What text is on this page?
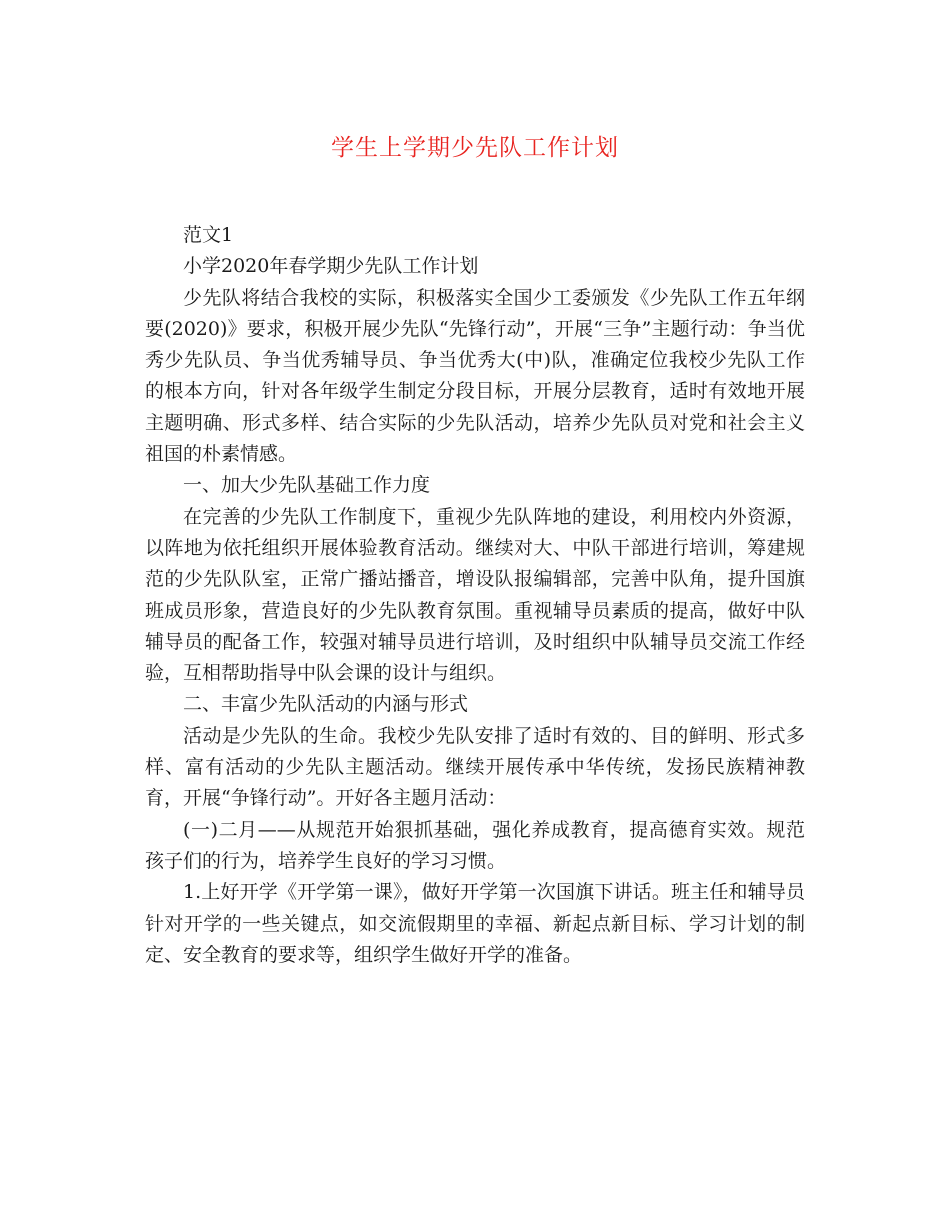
学生上学期少先队工作计划

范文1

小学2020年春学期少先队工作计划

少先队将结合我校的实际，积极落实全国少工委颁发《少先队工作五年纲要(2020)》要求，积极开展少先队“先锋行动”，开展“三争”主题行动：争当优秀少先队员、争当优秀辅导员、争当优秀大(中)队，准确定位我校少先队工作的根本方向，针对各年级学生制定分段目标，开展分层教育，适时有效地开展主题明确、形式多样、结合实际的少先队活动，培养少先队员对党和社会主义祖国的朴素情感。

一、加大少先队基础工作力度

在完善的少先队工作制度下，重视少先队阵地的建设，利用校内外资源，以阵地为依托组织开展体验教育活动。继续对大、中队干部进行培训，筹建规范的少先队队室，正常广播站播音，增设队报编辑部，完善中队角，提升国旗班成员形象，营造良好的少先队教育氛围。重视辅导员素质的提高，做好中队辅导员的配备工作，较强对辅导员进行培训，及时组织中队辅导员交流工作经验，互相帮助指导中队会课的设计与组织。

二、丰富少先队活动的内涵与形式

活动是少先队的生命。我校少先队安排了适时有效的、目的鲜明、形式多样、富有活动的少先队主题活动。继续开展传承中华传统，发扬民族精神教育，开展“争锋行动”。开好各主题月活动：

(一)二月——从规范开始狠抓基础，强化养成教育，提高德育实效。规范孩子们的行为，培养学生良好的学习习惯。

1.上好开学《开学第一课》，做好开学第一次国旗下讲话。班主任和辅导员针对开学的一些关键点，如交流假期里的幸福、新起点新目标、学习计划的制定、安全教育的要求等，组织学生做好开学的准备。
